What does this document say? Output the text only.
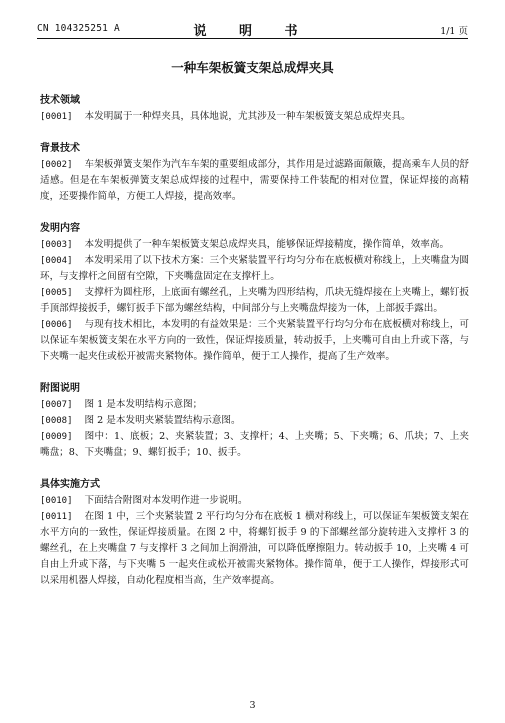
CN 104325251 A	说 明 书	1/1 页
一种车架板簧支架总成焊夹具

技术领域

[0001] 本发明属于一种焊夹具，具体地说，尤其涉及一种车架板簧支架总成焊夹具。

背景技术

[0002] 车架板弹簧支架作为汽车车架的重要组成部分，其作用是过滤路面颠簸，提高乘车人员的舒适感。但是在车架板弹簧支架总成焊接的过程中，需要保持工件装配的相对位置，保证焊接的高精度，还要操作简单，方便工人焊接，提高效率。

发明内容

[0003] 本发明提供了一种车架板簧支架总成焊夹具，能够保证焊接精度，操作简单，效率高。

[0004] 本发明采用了以下技术方案：三个夹紧装置平行均匀分布在底板横对称线上，上夹嘴盘为圆环，与支撑杆之间留有空隙，下夹嘴盘固定在支撑杆上。

[0005] 支撑杆为圆柱形，上底面有螺丝孔，上夹嘴为四形结构，爪块无缝焊接在上夹嘴上，螺钉扳手顶部焊接扳手，螺钉扳手下部为螺丝结构，中间部分与上夹嘴盘焊接为一体，上部扳手露出。

[0006] 与现有技术相比，本发明的有益效果是：三个夹紧装置平行均匀分布在底板横对称线上，可以保证车架板簧支架在水平方向的一致性，保证焊接质量，转动扳手，上夹嘴可自由上升或下落，与下夹嘴一起夹住或松开被需夹紧物体。操作简单，便于工人操作，提高了生产效率。

附图说明

[0007] 图 1 是本发明结构示意图；

[0008] 图 2 是本发明夹紧装置结构示意图。

[0009] 图中：1、底板；2、夹紧装置；3、支撑杆；4、上夹嘴；5、下夹嘴；6、爪块；7、上夹嘴盘；8、下夹嘴盘；9、螺钉扳手；10、扳手。

具体实施方式

[0010] 下面结合附图对本发明作进一步说明。

[0011] 在图 1 中，三个夹紧装置 2 平行均匀分布在底板 1 横对称线上，可以保证车架板簧支架在水平方向的一致性，保证焊接质量。在图 2 中，将螺钉扳手 9 的下部螺丝部分旋转进入支撑杆 3 的螺丝孔，在上夹嘴盘 7 与支撑杆 3 之间加上润滑油，可以降低摩擦阻力。转动扳手 10，上夹嘴 4 可自由上升或下落，与下夹嘴 5 一起夹住或松开被需夹紧物体。操作简单，便于工人操作，焊接形式可以采用机器人焊接，自动化程度相当高，生产效率提高。

3
